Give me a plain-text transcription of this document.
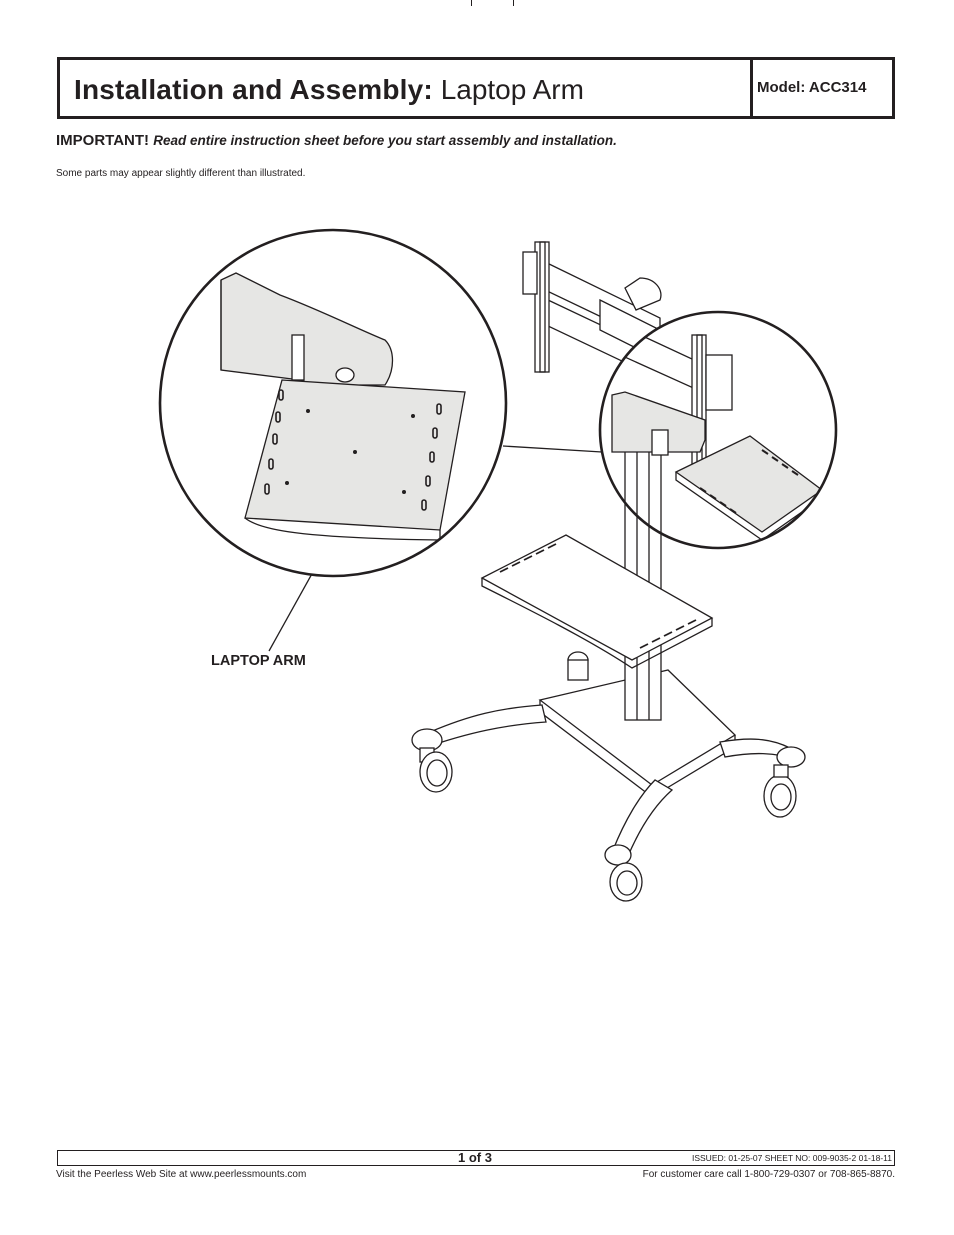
Installation and Assembly: Laptop Arm	Model: ACC314
IMPORTANT! Read entire instruction sheet before you start assembly and installation.
Some parts may appear slightly different than illustrated.
LAPTOP ARM
1 of 3	ISSUED: 01-25-07 SHEET NO: 009-9035-2 01-18-11
Visit the Peerless Web Site at www.peerlessmounts.com	For customer care call 1-800-729-0307 or 708-865-8870.
